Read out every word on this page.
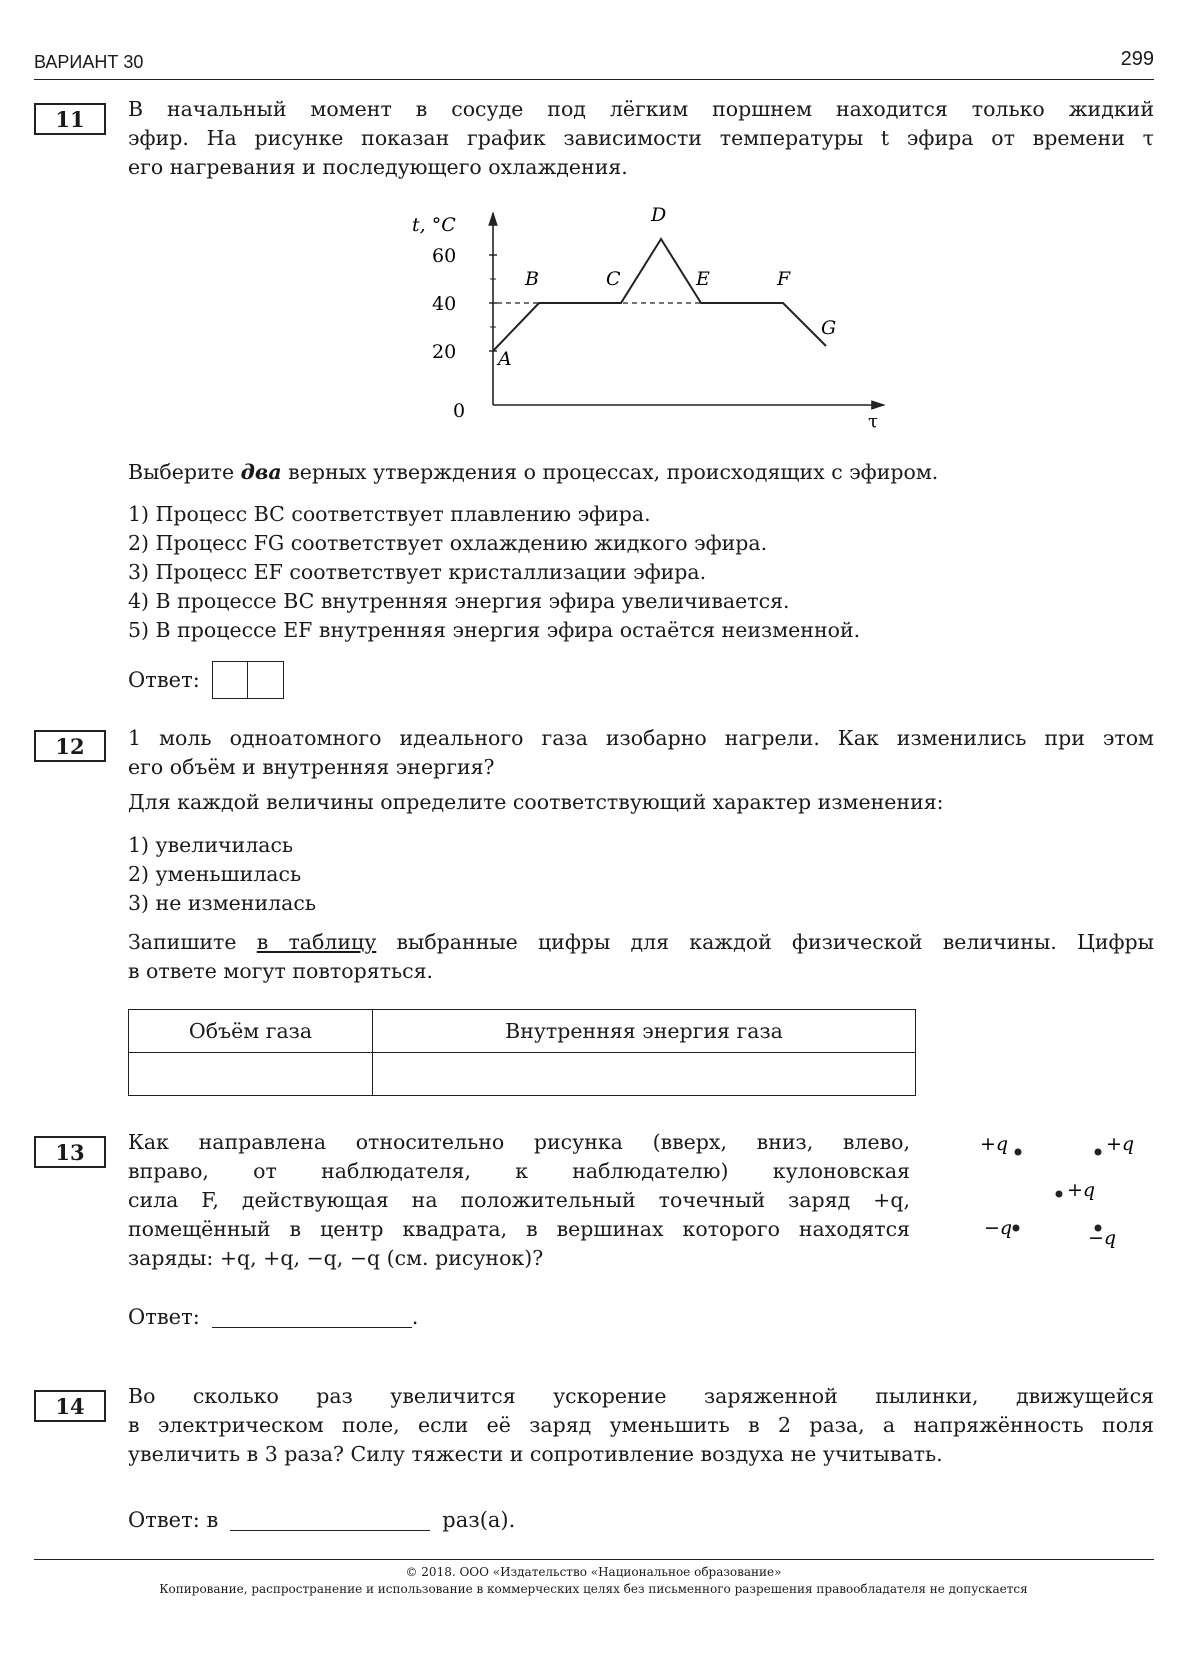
ВАРИАНТ 30	299
11	В начальный момент в сосуде под лёгким поршнем находится только жидкий

эфир. На рисунке показан график зависимости температуры t эфира от времени τ

его нагревания и последующего охлаждения.

t, °C
60
40
20
0	τ
A
B	C
D
E	F
G
Выберите два верных утверждения о процессах, происходящих с эфиром.

1) Процесс BC соответствует плавлению эфира.

2) Процесс FG соответствует охлаждению жидкого эфира.

3) Процесс EF соответствует кристаллизации эфира.

4) В процессе BC внутренняя энергия эфира увеличивается.

5) В процессе EF внутренняя энергия эфира остаётся неизменной.

Ответ:
12	1 моль одноатомного идеального газа изобарно нагрели. Как изменились при этом

его объём и внутренняя энергия?

Для каждой величины определите соответствующий характер изменения:

1) увеличилась

2) уменьшилась

3) не изменилась

Запишите в таблицу выбранные цифры для каждой физической величины. Цифры

в ответе могут повторяться.

Объём газа	Внутренняя энергия газа

13	Как направлена относительно рисунка (вверх, вниз, влево,

вправо, от наблюдателя, к наблюдателю) кулоновская

сила F, действующая на положительный точечный заряд +q,

помещённый в центр квадрата, в вершинах которого находятся

заряды: +q, +q, −q, −q (см. рисунок)?

+q	+q
+q
−q	−q
Ответ:	.
14	Во сколько раз увеличится ускорение заряженной пылинки, движущейся

в электрическом поле, если её заряд уменьшить в 2 раза, а напряжённость поля

увеличить в 3 раза? Силу тяжести и сопротивление воздуха не учитывать.

Ответ: в	раз(а).
© 2018. ООО «Издательство «Национальное образование»
Копирование, распространение и использование в коммерческих целях без письменного разрешения правообладателя не допускается
